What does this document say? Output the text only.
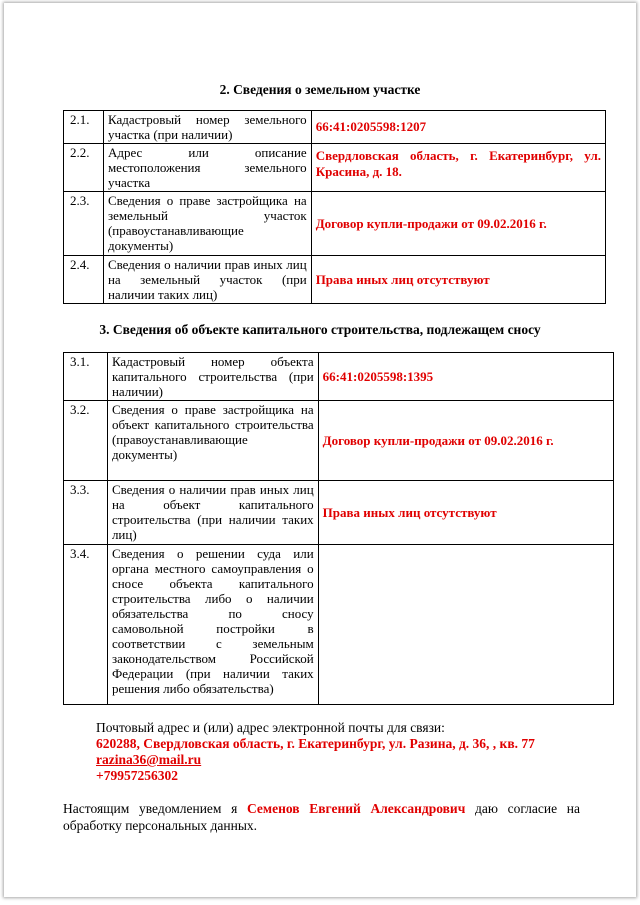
2. Сведения о земельном участке
2.1.	Кадастровый номер земельного участка (при наличии)	66:41:0205598:1207
2.2.	Адрес или описание местоположения земельного участка	Свердловская область, г. Екатеринбург, ул. Красина, д. 18.
2.3.	Сведения о праве застройщика на земельный участок (правоустанавливающие документы)	Договор купли-продажи от 09.02.2016 г.
2.4.	Сведения о наличии прав иных лиц на земельный участок (при наличии таких лиц)	Права иных лиц отсутствуют
3. Сведения об объекте капитального строительства, подлежащем сносу
3.1.	Кадастровый номер объекта капитального строительства (при наличии)	66:41:0205598:1395
3.2.	Сведения о праве застройщика на объект капитального строительства (правоустанавливающие документы)	Договор купли-продажи от 09.02.2016 г.
3.3.	Сведения о наличии прав иных лиц на объект капитального строительства (при наличии таких лиц)	Права иных лиц отсутствуют
3.4.	Сведения о решении суда или органа местного самоуправления о сносе объекта капитального строительства либо о наличии обязательства по сносу самовольной постройки в соответствии с земельным законодательством Российской Федерации (при наличии таких решения либо обязательства)	
Почтовый адрес и (или) адрес электронной почты для связи:
620288, Свердловская область, г. Екатеринбург, ул. Разина, д. 36, , кв. 77
razina36@mail.ru
+79957256302
Настоящим уведомлением я Семенов Евгений Александрович даю согласие на обработку персональных данных.
